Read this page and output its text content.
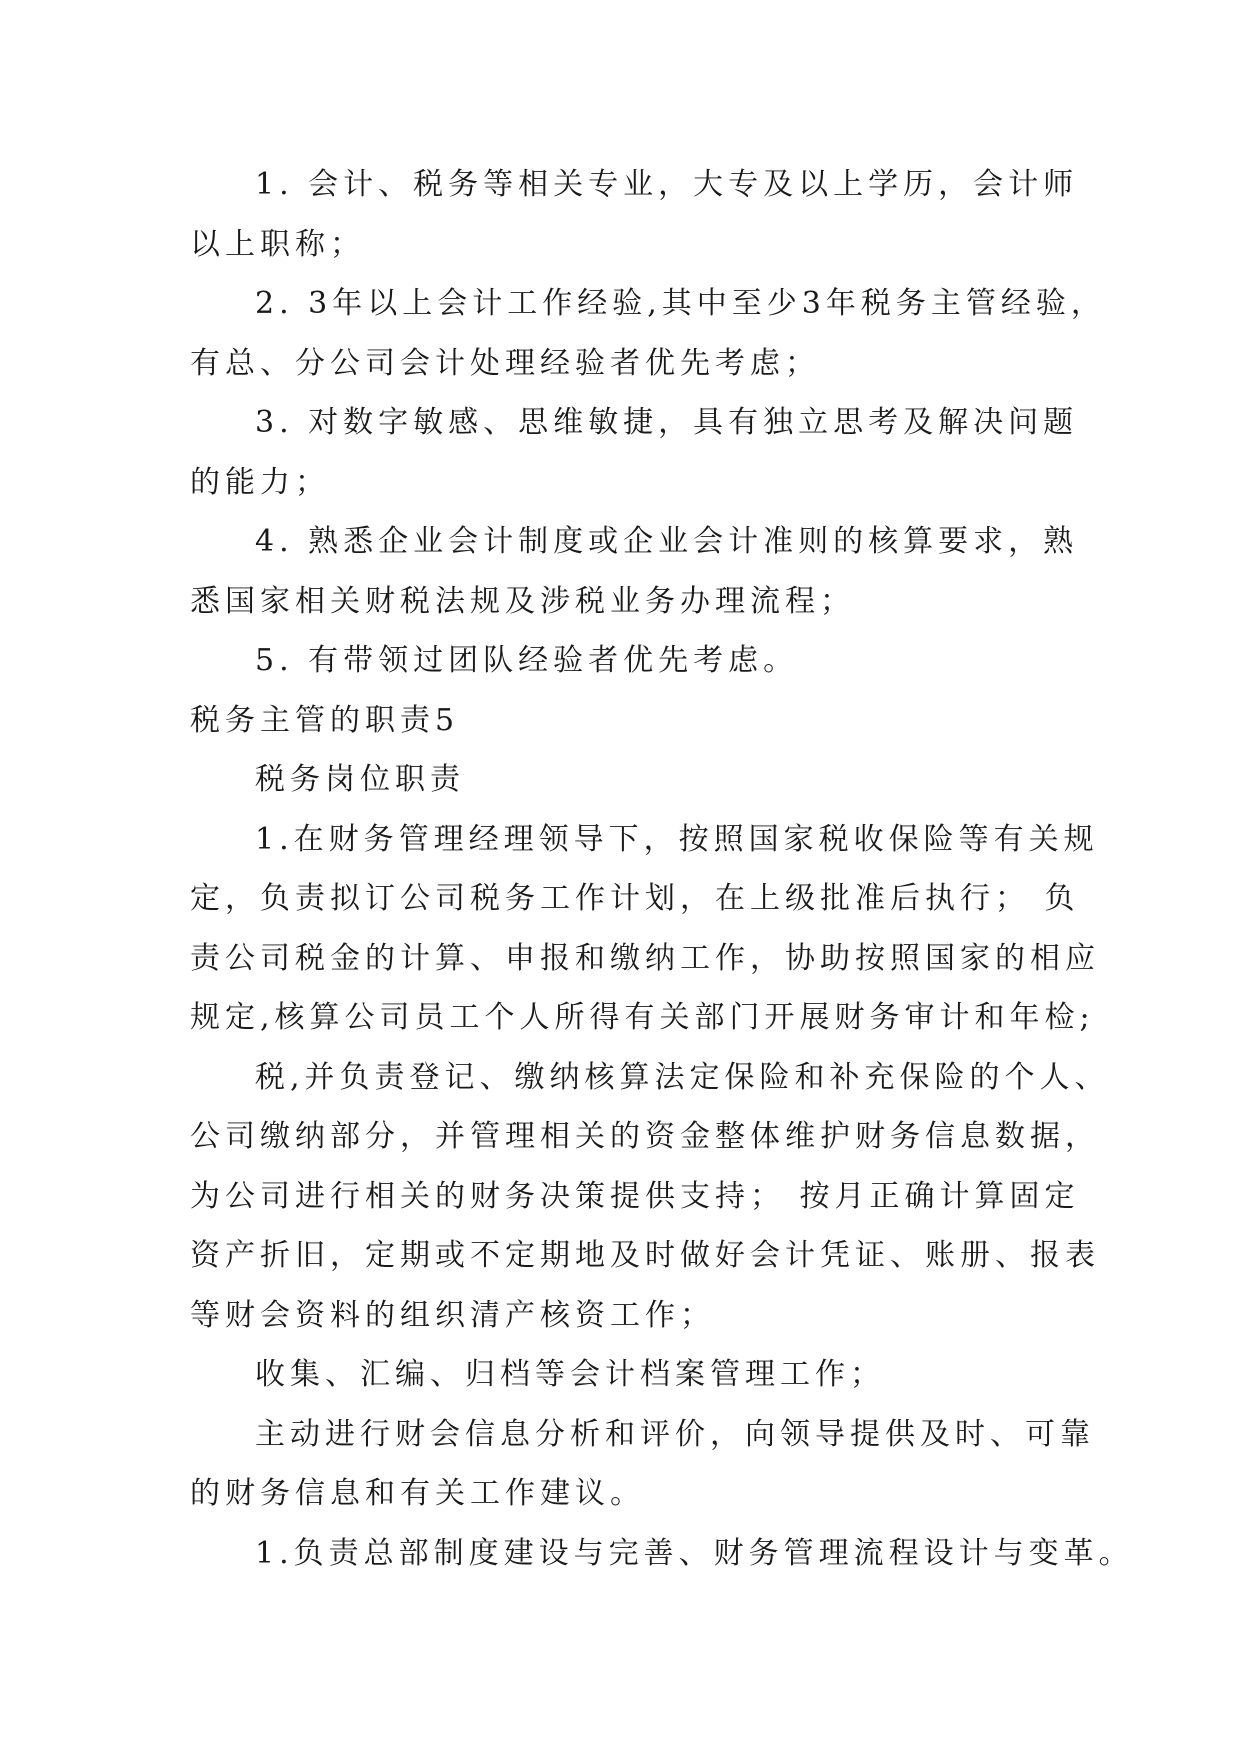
1. 会计、税务等相关专业，大专及以上学历，会计师
以上职称；
2. 3年以上会计工作经验,其中至少3年税务主管经验，
有总、分公司会计处理经验者优先考虑；
3. 对数字敏感、思维敏捷，具有独立思考及解决问题
的能力；
4. 熟悉企业会计制度或企业会计准则的核算要求，熟
悉国家相关财税法规及涉税业务办理流程；
5. 有带领过团队经验者优先考虑。
税务主管的职责5
税务岗位职责
1.在财务管理经理领导下，按照国家税收保险等有关规
定，负责拟订公司税务工作计划，在上级批准后执行； 负
责公司税金的计算、申报和缴纳工作，协助按照国家的相应
规定,核算公司员工个人所得有关部门开展财务审计和年检;
税,并负责登记、缴纳核算法定保险和补充保险的个人、
公司缴纳部分，并管理相关的资金整体维护财务信息数据，
为公司进行相关的财务决策提供支持； 按月正确计算固定
资产折旧，定期或不定期地及时做好会计凭证、账册、报表
等财会资料的组织清产核资工作；
收集、汇编、归档等会计档案管理工作；
主动进行财会信息分析和评价，向领导提供及时、可靠
的财务信息和有关工作建议。
1.负责总部制度建设与完善、财务管理流程设计与变革。
